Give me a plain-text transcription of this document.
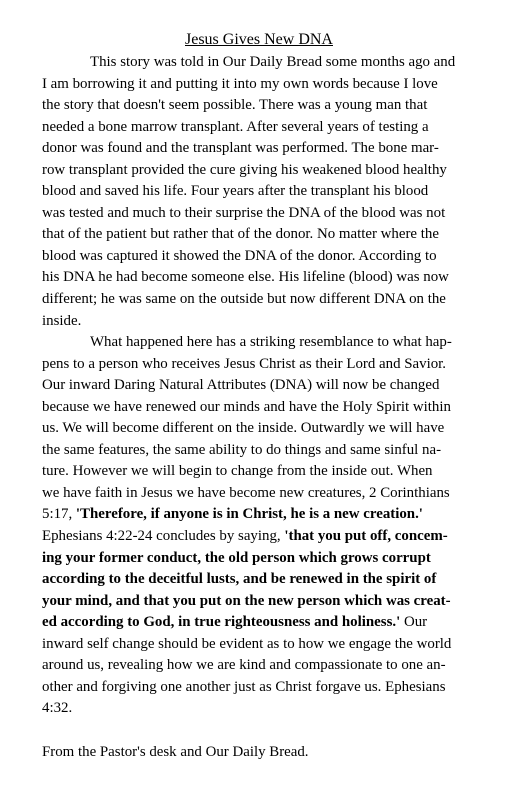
Jesus Gives New DNA
This story was told in Our Daily Bread some months ago and
I am borrowing it and putting it into my own words because I love
the story that doesn't seem possible. There was a young man that
needed a bone marrow transplant. After several years of testing a
donor was found and the transplant was performed. The bone mar-
row transplant provided the cure giving his weakened blood healthy
blood and saved his life. Four years after the transplant his blood
was tested and much to their surprise the DNA of the blood was not
that of the patient but rather that of the donor. No matter where the
blood was captured it showed the DNA of the donor. According to
his DNA he had become someone else. His lifeline (blood) was now
different; he was same on the outside but now different DNA on the
inside.
What happened here has a striking resemblance to what hap-
pens to a person who receives Jesus Christ as their Lord and Savior.
Our inward Daring Natural Attributes (DNA) will now be changed
because we have renewed our minds and have the Holy Spirit within
us. We will become different on the inside. Outwardly we will have
the same features, the same ability to do things and same sinful na-
ture. However we will begin to change from the inside out. When
we have faith in Jesus we have become new creatures, 2 Corinthians
5:17, 'Therefore, if anyone is in Christ, he is a new creation.'
Ephesians 4:22-24 concludes by saying, 'that you put off, concem-
ing your former conduct, the old person which grows corrupt
according to the deceitful lusts, and be renewed in the spirit of
your mind, and that you put on the new person which was creat-
ed according to God, in true righteousness and holiness.' Our
inward self change should be evident as to how we engage the world
around us, revealing how we are kind and compassionate to one an-
other and forgiving one another just as Christ forgave us. Ephesians
4:32.
From the Pastor's desk and Our Daily Bread.
